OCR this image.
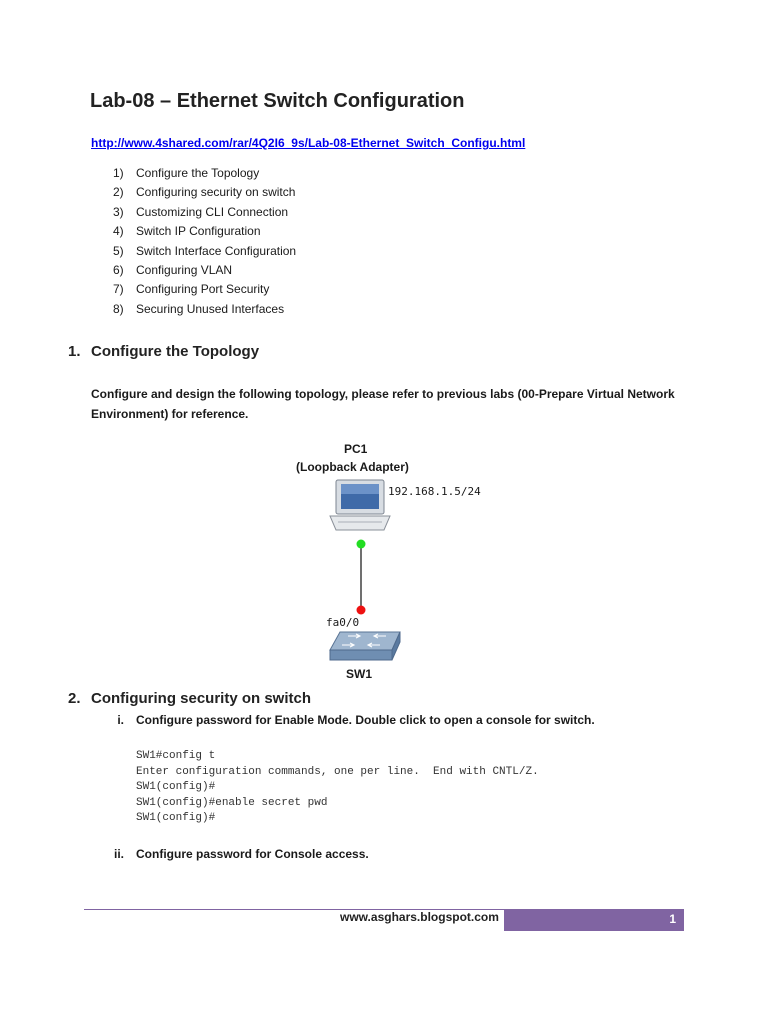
Lab-08 – Ethernet Switch Configuration
http://www.4shared.com/rar/4Q2I6_9s/Lab-08-Ethernet_Switch_Configu.html
1) Configure the Topology
2) Configuring security on switch
3) Customizing CLI Connection
4) Switch IP Configuration
5) Switch Interface Configuration
6) Configuring VLAN
7) Configuring Port Security
8) Securing Unused Interfaces
1. Configure the Topology

Configure and design the following topology, please refer to previous labs (00-Prepare Virtual Network Environment) for reference.

PC1
(Loopback Adapter)
192.168.1.5/24
fa0/0
SW1
2. Configuring security on switch
i. Configure password for Enable Mode. Double click to open a console for switch.
SW1#config t
Enter configuration commands, one per line.  End with CNTL/Z.
SW1(config)#
SW1(config)#enable secret pwd
SW1(config)#
ii. Configure password for Console access.
www.asghars.blogspot.com	1
